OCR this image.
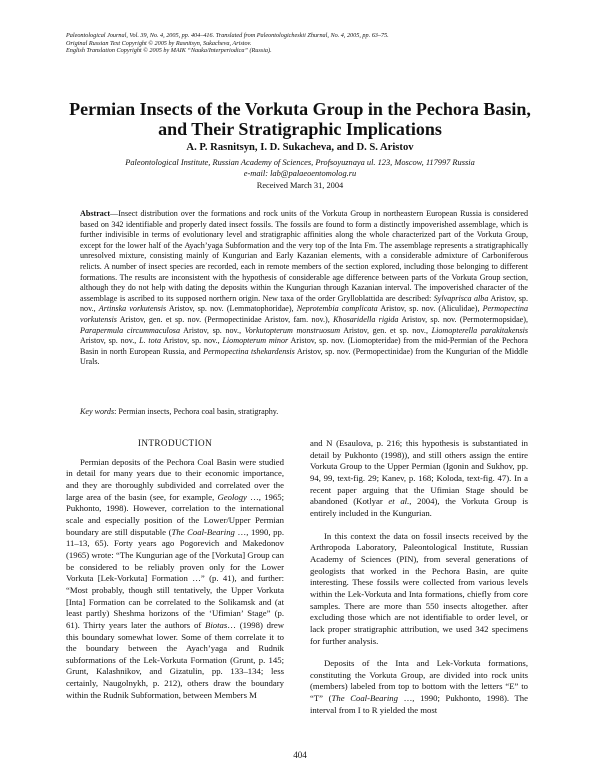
Paleontological Journal, Vol. 39, No. 4, 2005, pp. 404–416. Translated from Paleontologicheskii Zhurnal, No. 4, 2005, pp. 63–75.
Original Russian Text Copyright © 2005 by Rasnitsyn, Sukacheva, Aristov.
English Translation Copyright © 2005 by MAIK “Nauka/Interperiodica” (Russia).
Permian Insects of the Vorkuta Group in the Pechora Basin,
and Their Stratigraphic Implications
A. P. Rasnitsyn, I. D. Sukacheva, and D. S. Aristov
Paleontological Institute, Russian Academy of Sciences, Profsoyuznaya ul. 123, Moscow, 117997 Russia
e-mail: lab@palaeoentomolog.ru
Received March 31, 2004
Abstract—Insect distribution over the formations and rock units of the Vorkuta Group in northeastern European Russia is considered based on 342 identifiable and properly dated insect fossils. The fossils are found to form a distinctly impoverished assemblage, which is further indivisible in terms of evolutionary level and stratigraphic affinities along the whole characterized part of the Vorkuta Group, except for the lower half of the Ayach’yaga Subformation and the very top of the Inta Fm. The assemblage represents a stratigraphically unresolved mixture, consisting mainly of Kungurian and Early Kazanian elements, with a considerable admixture of Carboniferous relicts. A number of insect species are recorded, each in remote members of the section explored, including those belonging to different formations. The results are inconsistent with the hypothesis of considerable age difference between parts of the Vorkuta Group section, although they do not help with dating the deposits within the Kungurian through Kazanian interval. The impoverished character of the assemblage is ascribed to its supposed northern origin. New taxa of the order Grylloblattida are described: Sylvaprisca alba Aristov, sp. nov., Artinska vorkutensis Aristov, sp. nov. (Lemmatophoridae), Neprotembia complicata Aristov, sp. nov. (Aliculidae), Permopectina vorkutensis Aristov, gen. et sp. nov. (Permopectinidae Aristov, fam. nov.), Khosaridella rigida Aristov, sp. nov. (Permotermopsidae), Parapermula circummaculosa Aristov, sp. nov., Vorkutopterum monstruosum Aristov, gen. et sp. nov., Liomopterella parakitakensis Aristov, sp. nov., L. tota Aristov, sp. nov., Liomopterum minor Aristov, sp. nov. (Liomopteridae) from the mid-Permian of the Pechora Basin in north European Russia, and Permopectina tshekardensis Aristov, sp. nov. (Permopectinidae) from the Kungurian of the Middle Urals.
Key words: Permian insects, Pechora coal basin, stratigraphy.
INTRODUCTION

Permian deposits of the Pechora Coal Basin were studied in detail for many years due to their economic importance, and they are thoroughly subdivided and correlated over the large area of the basin (see, for example, Geology …, 1965; Pukhonto, 1998). However, correlation to the international scale and especially position of the Lower/Upper Permian boundary are still disputable (The Coal-Bearing …, 1990, pp. 11–13, 65). Forty years ago Pogorevich and Makedonov (1965) wrote: “The Kungurian age of the [Vorkuta] Group can be considered to be reliably proven only for the Lower Vorkuta [Lek-Vorkuta] Formation …” (p. 41), and further: “Most probably, though still tentatively, the Upper Vorkuta [Inta] Formation can be correlated to the Solikamsk and (at least partly) Sheshma horizons of the ‘Ufimian’ Stage” (p. 61). Thirty years later the authors of Biotas… (1998) drew this boundary somewhat lower. Some of them correlate it to the boundary between the Ayach’yaga and Rudnik subformations of the Lek-Vorkuta Formation (Grunt, p. 145; Grunt, Kalashnikov, and Gizatulin, pp. 133–134; less certainly, Naugolnykh, p. 212), others draw the boundary within the Rudnik Subformation, between Members M

and N (Esaulova, p. 216; this hypothesis is substantiated in detail by Pukhonto (1998)), and still others assign the entire Vorkuta Group to the Upper Permian (Igonin and Sukhov, pp. 94, 99, text-fig. 29; Kanev, p. 168; Koloda, text-fig. 47). In a recent paper arguing that the Ufimian Stage should be abandoned (Kotlyar et al., 2004), the Vorkuta Group is entirely included in the Kungurian.

In this context the data on fossil insects received by the Arthropoda Laboratory, Paleontological Institute, Russian Academy of Sciences (PIN), from several generations of geologists that worked in the Pechora Basin, are quite interesting. These fossils were collected from various levels within the Lek-Vorkuta and Inta formations, chiefly from core samples. There are more than 550 insects altogether. after excluding those which are not identifiable to order level, or lack proper stratigraphic attribution, we used 342 specimens for further analysis.

Deposits of the Inta and Lek-Vorkuta formations, constituting the Vorkuta Group, are divided into rock units (members) labeled from top to bottom with the letters “E” to “T” (The Coal-Bearing …, 1990; Pukhonto, 1998). The interval from I to R yielded the most

404
